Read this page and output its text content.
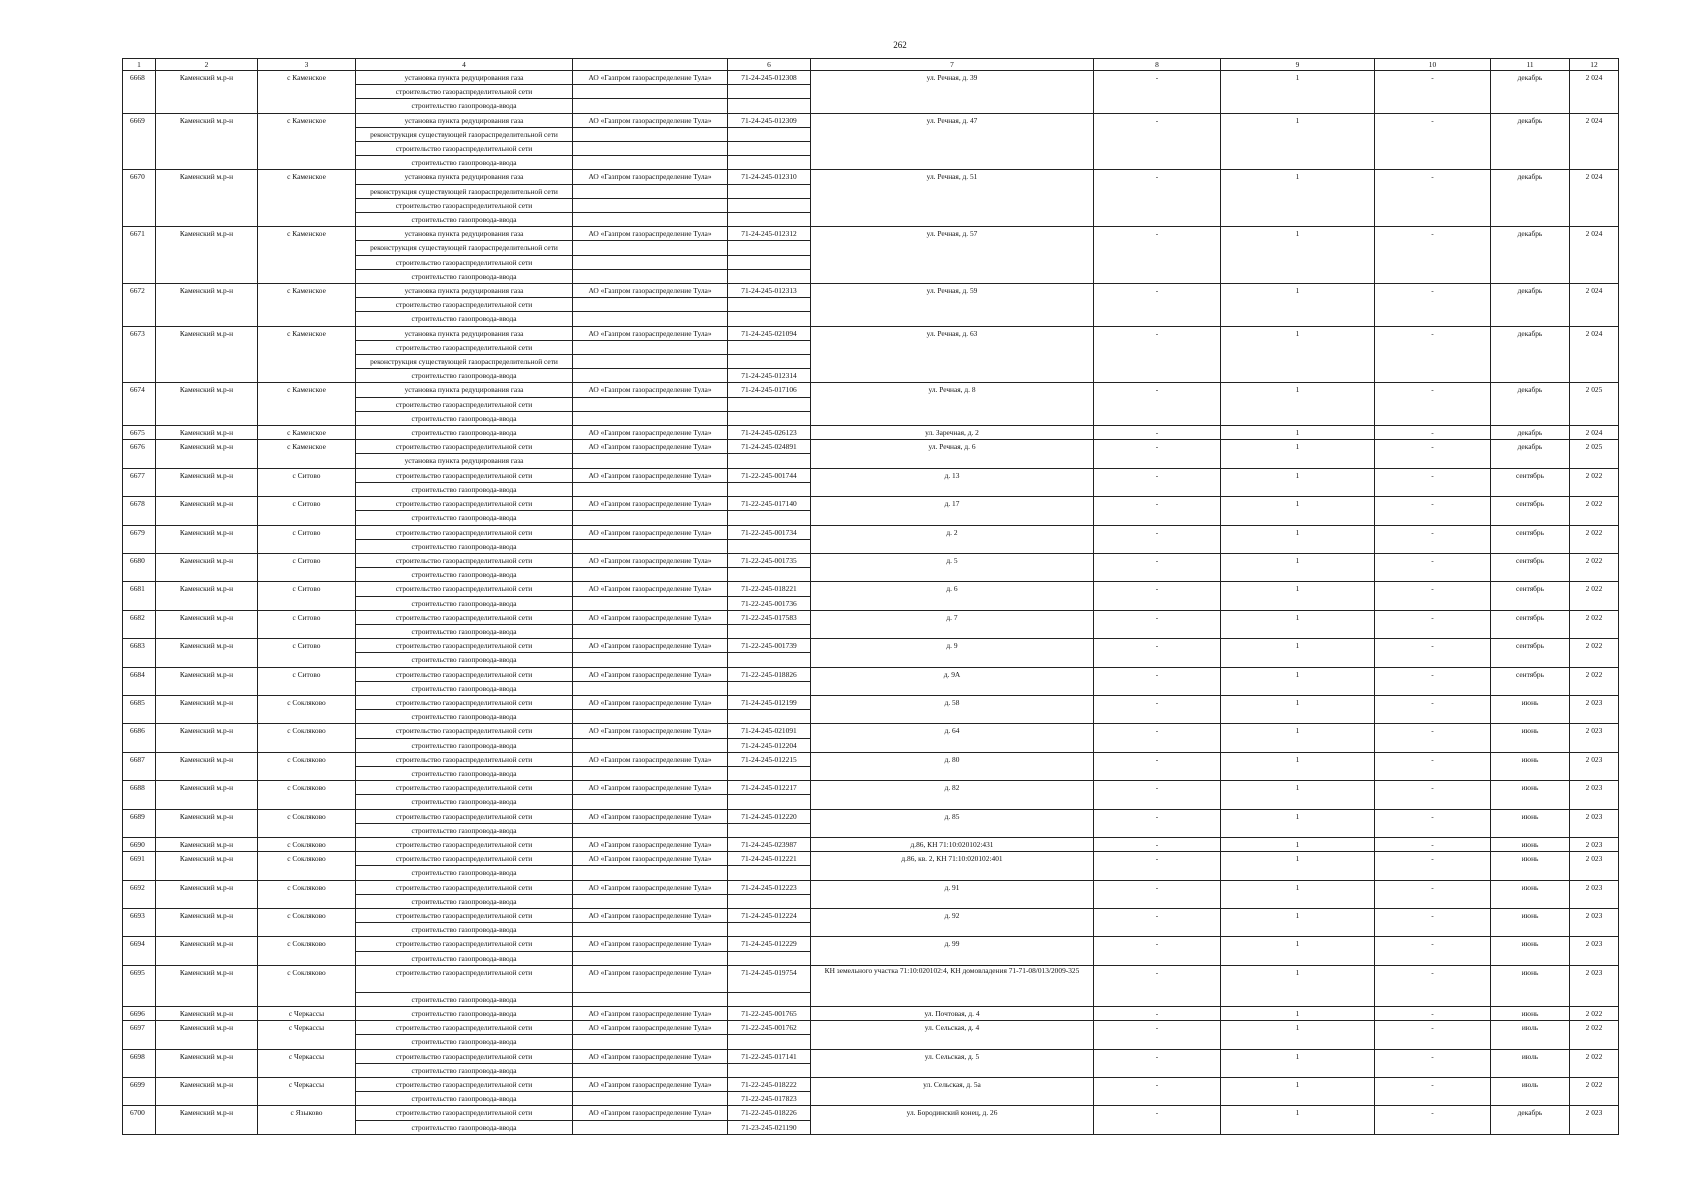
262
1	2	3	4		6	7	8	9	10	11	12
6668	Каменский м.р-н	с Каменское	установка пункта редуцирования газа	АО «Газпром газораспределение Тула»	71-24-245-012308	ул. Речная, д. 39	-	1	-	декабрь	2 024
			строительство газораспределительной сети								
			строительство газопровода-ввода								
6669	Каменский м.р-н	с Каменское	установка пункта редуцирования газа	АО «Газпром газораспределение Тула»	71-24-245-012309	ул. Речная, д. 47	-	1	-	декабрь	2 024
			реконструкция существующей газораспределительной сети								
			строительство газораспределительной сети								
			строительство газопровода-ввода								
6670	Каменский м.р-н	с Каменское	установка пункта редуцирования газа	АО «Газпром газораспределение Тула»	71-24-245-012310	ул. Речная, д. 51	-	1	-	декабрь	2 024
			реконструкция существующей газораспределительной сети								
			строительство газораспределительной сети								
			строительство газопровода-ввода								
6671	Каменский м.р-н	с Каменское	установка пункта редуцирования газа	АО «Газпром газораспределение Тула»	71-24-245-012312	ул. Речная, д. 57	-	1	-	декабрь	2 024
			реконструкция существующей газораспределительной сети								
			строительство газораспределительной сети								
			строительство газопровода-ввода								
6672	Каменский м.р-н	с Каменское	установка пункта редуцирования газа	АО «Газпром газораспределение Тула»	71-24-245-012313	ул. Речная, д. 59	-	1	-	декабрь	2 024
			строительство газораспределительной сети								
			строительство газопровода-ввода								
6673	Каменский м.р-н	с Каменское	установка пункта редуцирования газа	АО «Газпром газораспределение Тула»	71-24-245-021094	ул. Речная, д. 63	-	1	-	декабрь	2 024
			строительство газораспределительной сети								
			реконструкция существующей газораспределительной сети								
			строительство газопровода-ввода		71-24-245-012314						
6674	Каменский м.р-н	с Каменское	установка пункта редуцирования газа	АО «Газпром газораспределение Тула»	71-24-245-017106	ул. Речная, д. 8	-	1	-	декабрь	2 025
			строительство газораспределительной сети								
			строительство газопровода-ввода								
6675	Каменский м.р-н	с Каменское	строительство газопровода-ввода	АО «Газпром газораспределение Тула»	71-24-245-026123	ул. Заречная, д. 2	-	1	-	декабрь	2 024
6676	Каменский м.р-н	с Каменское	строительство газораспределительной сети	АО «Газпром газораспределение Тула»	71-24-245-024891	ул. Речная, д. 6	-	1	-	декабрь	2 025
			установка пункта редуцирования газа								
6677	Каменский м.р-н	с Ситово	строительство газораспределительной сети	АО «Газпром газораспределение Тула»	71-22-245-001744	д. 13	-	1	-	сентябрь	2 022
			строительство газопровода-ввода								
6678	Каменский м.р-н	с Ситово	строительство газораспределительной сети	АО «Газпром газораспределение Тула»	71-22-245-017140	д. 17	-	1	-	сентябрь	2 022
			строительство газопровода-ввода								
6679	Каменский м.р-н	с Ситово	строительство газораспределительной сети	АО «Газпром газораспределение Тула»	71-22-245-001734	д. 2	-	1	-	сентябрь	2 022
			строительство газопровода-ввода								
6680	Каменский м.р-н	с Ситово	строительство газораспределительной сети	АО «Газпром газораспределение Тула»	71-22-245-001735	д. 5	-	1	-	сентябрь	2 022
			строительство газопровода-ввода								
6681	Каменский м.р-н	с Ситово	строительство газораспределительной сети	АО «Газпром газораспределение Тула»	71-22-245-018221	д. 6	-	1	-	сентябрь	2 022
			строительство газопровода-ввода		71-22-245-001736						
6682	Каменский м.р-н	с Ситово	строительство газораспределительной сети	АО «Газпром газораспределение Тула»	71-22-245-017583	д. 7	-	1	-	сентябрь	2 022
			строительство газопровода-ввода								
6683	Каменский м.р-н	с Ситово	строительство газораспределительной сети	АО «Газпром газораспределение Тула»	71-22-245-001739	д. 9	-	1	-	сентябрь	2 022
			строительство газопровода-ввода								
6684	Каменский м.р-н	с Ситово	строительство газораспределительной сети	АО «Газпром газораспределение Тула»	71-22-245-018826	д. 9А	-	1	-	сентябрь	2 022
			строительство газопровода-ввода								
6685	Каменский м.р-н	с Сокляково	строительство газораспределительной сети	АО «Газпром газораспределение Тула»	71-24-245-012199	д. 58	-	1	-	июнь	2 023
			строительство газопровода-ввода								
6686	Каменский м.р-н	с Сокляково	строительство газораспределительной сети	АО «Газпром газораспределение Тула»	71-24-245-021091	д. 64	-	1	-	июнь	2 023
			строительство газопровода-ввода		71-24-245-012204						
6687	Каменский м.р-н	с Сокляково	строительство газораспределительной сети	АО «Газпром газораспределение Тула»	71-24-245-012215	д. 80	-	1	-	июнь	2 023
			строительство газопровода-ввода								
6688	Каменский м.р-н	с Сокляково	строительство газораспределительной сети	АО «Газпром газораспределение Тула»	71-24-245-012217	д. 82	-	1	-	июнь	2 023
			строительство газопровода-ввода								
6689	Каменский м.р-н	с Сокляково	строительство газораспределительной сети	АО «Газпром газораспределение Тула»	71-24-245-012220	д. 85	-	1	-	июнь	2 023
			строительство газопровода-ввода								
6690	Каменский м.р-н	с Сокляково	строительство газораспределительной сети	АО «Газпром газораспределение Тула»	71-24-245-023987	д.86, КН 71:10:020102:431	-	1	-	июнь	2 023
6691	Каменский м.р-н	с Сокляково	строительство газораспределительной сети	АО «Газпром газораспределение Тула»	71-24-245-012221	д.86, кв. 2, КН 71:10:020102:401	-	1	-	июнь	2 023
			строительство газопровода-ввода								
6692	Каменский м.р-н	с Сокляково	строительство газораспределительной сети	АО «Газпром газораспределение Тула»	71-24-245-012223	д. 91	-	1	-	июнь	2 023
			строительство газопровода-ввода								
6693	Каменский м.р-н	с Сокляково	строительство газораспределительной сети	АО «Газпром газораспределение Тула»	71-24-245-012224	д. 92	-	1	-	июнь	2 023
			строительство газопровода-ввода								
6694	Каменский м.р-н	с Сокляково	строительство газораспределительной сети	АО «Газпром газораспределение Тула»	71-24-245-012229	д. 99	-	1	-	июнь	2 023
			строительство газопровода-ввода								
6695	Каменский м.р-н	с Сокляково	строительство газораспределительной сети	АО «Газпром газораспределение Тула»	71-24-245-019754	КН земельного участка 71:10:020102:4, КН домовладения 71-71-08/013/2009-325	-	1	-	июнь	2 023
			строительство газопровода-ввода								
6696	Каменский м.р-н	с Черкассы	строительство газопровода-ввода	АО «Газпром газораспределение Тула»	71-22-245-001765	ул. Почтовая, д. 4	-	1	-	июнь	2 022
6697	Каменский м.р-н	с Черкассы	строительство газораспределительной сети	АО «Газпром газораспределение Тула»	71-22-245-001762	ул. Сельская, д. 4	-	1	-	июль	2 022
			строительство газопровода-ввода								
6698	Каменский м.р-н	с Черкассы	строительство газораспределительной сети	АО «Газпром газораспределение Тула»	71-22-245-017141	ул. Сельская, д. 5	-	1	-	июль	2 022
			строительство газопровода-ввода								
6699	Каменский м.р-н	с Черкассы	строительство газораспределительной сети	АО «Газпром газораспределение Тула»	71-22-245-018222	ул. Сельская, д. 5а	-	1	-	июль	2 022
			строительство газопровода-ввода		71-22-245-017823						
6700	Каменский м.р-н	с Языково	строительство газораспределительной сети	АО «Газпром газораспределение Тула»	71-22-245-018226	ул. Бородинский конец, д. 26	-	1	-	декабрь	2 023
			строительство газопровода-ввода		71-23-245-021190						
